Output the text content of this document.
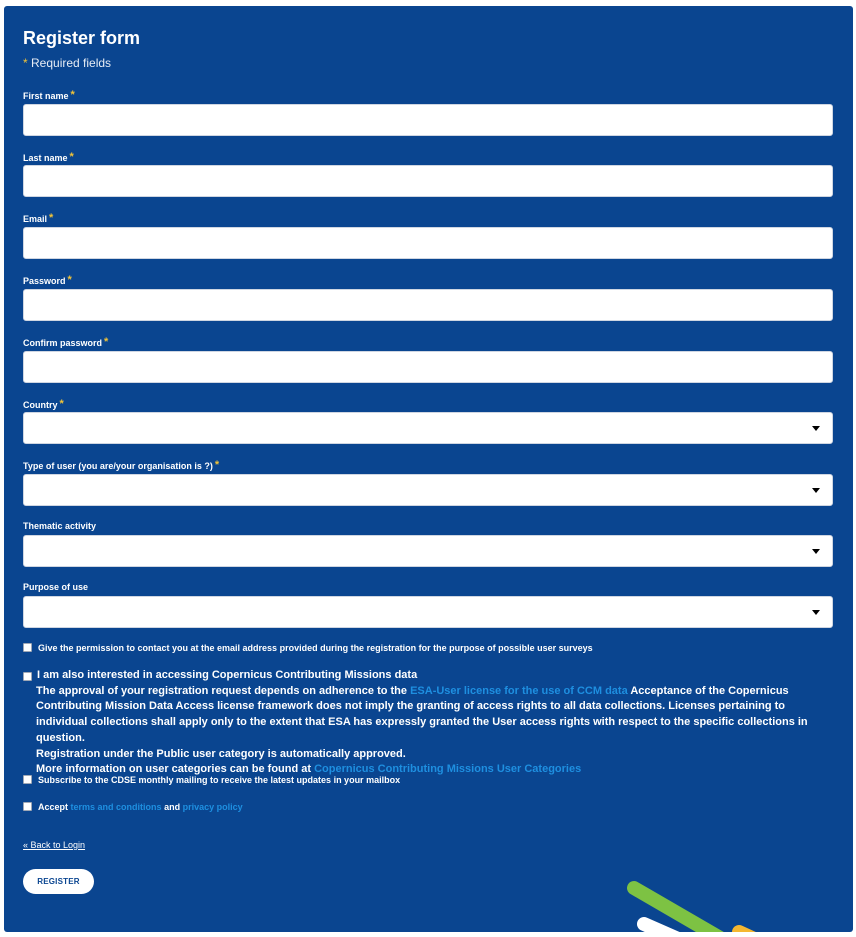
Register form
* Required fields
First name *
Last name *
Email *
Password *
Confirm password *
Country *
Type of user (you are/your organisation is ?) *
Thematic activity
Purpose of use
Give the permission to contact you at the email address provided during the registration for the purpose of possible user surveys
I am also interested in accessing Copernicus Contributing Missions data
The approval of your registration request depends on adherence to the ESA-User license for the use of CCM data Acceptance of the Copernicus Contributing Mission Data Access license framework does not imply the granting of access rights to all data collections. Licenses pertaining to individual collections shall apply only to the extent that ESA has expressly granted the User access rights with respect to the specific collections in question.
Registration under the Public user category is automatically approved.
More information on user categories can be found at Copernicus Contributing Missions User Categories
Subscribe to the CDSE monthly mailing to receive the latest updates in your mailbox
Accept terms and conditions and privacy policy
« Back to Login
REGISTER
